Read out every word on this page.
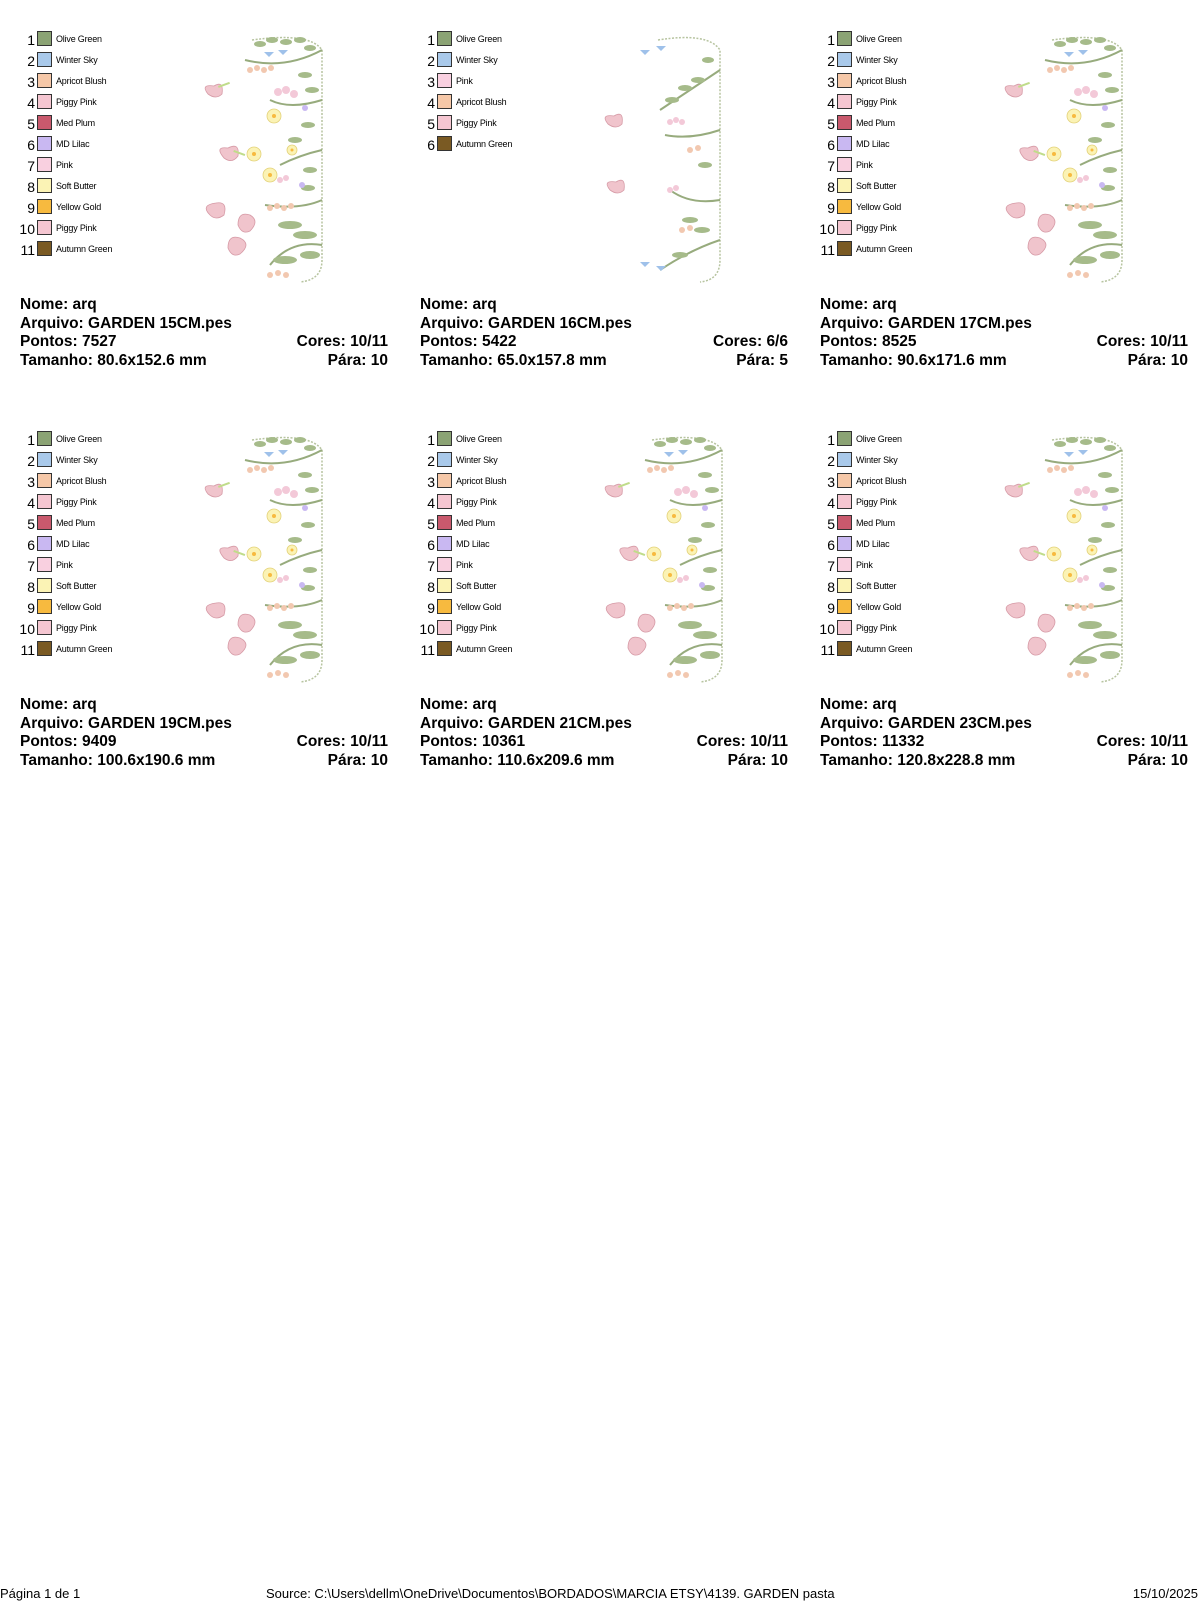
1 Olive Green
2 Winter Sky
3 Apricot Blush
4 Piggy Pink
5 Med Plum
6 MD Lilac
7 Pink
8 Soft Butter
9 Yellow Gold
10 Piggy Pink
11 Autumn Green
Nome: arq
Arquivo: GARDEN 15CM.pes
Pontos: 7527	Cores: 10/11
Tamanho: 80.6x152.6 mm	Pára: 10
1 Olive Green
2 Winter Sky
3 Pink
4 Apricot Blush
5 Piggy Pink
6 Autumn Green
Nome: arq
Arquivo: GARDEN 16CM.pes
Pontos: 5422	Cores: 6/6
Tamanho: 65.0x157.8 mm	Pára: 5
1 Olive Green
2 Winter Sky
3 Apricot Blush
4 Piggy Pink
5 Med Plum
6 MD Lilac
7 Pink
8 Soft Butter
9 Yellow Gold
10 Piggy Pink
11 Autumn Green
Nome: arq
Arquivo: GARDEN 17CM.pes
Pontos: 8525	Cores: 10/11
Tamanho: 90.6x171.6 mm	Pára: 10
1 Olive Green
2 Winter Sky
3 Apricot Blush
4 Piggy Pink
5 Med Plum
6 MD Lilac
7 Pink
8 Soft Butter
9 Yellow Gold
10 Piggy Pink
11 Autumn Green
Nome: arq
Arquivo: GARDEN 19CM.pes
Pontos: 9409	Cores: 10/11
Tamanho: 100.6x190.6 mm	Pára: 10
1 Olive Green
2 Winter Sky
3 Apricot Blush
4 Piggy Pink
5 Med Plum
6 MD Lilac
7 Pink
8 Soft Butter
9 Yellow Gold
10 Piggy Pink
11 Autumn Green
Nome: arq
Arquivo: GARDEN 21CM.pes
Pontos: 10361	Cores: 10/11
Tamanho: 110.6x209.6 mm	Pára: 10
1 Olive Green
2 Winter Sky
3 Apricot Blush
4 Piggy Pink
5 Med Plum
6 MD Lilac
7 Pink
8 Soft Butter
9 Yellow Gold
10 Piggy Pink
11 Autumn Green
Nome: arq
Arquivo: GARDEN 23CM.pes
Pontos: 11332	Cores: 10/11
Tamanho: 120.8x228.8 mm	Pára: 10
Página 1 de 1	Source: C:\Users\dellm\OneDrive\Documentos\BORDADOS\MARCIA ETSY\4139. GARDEN pasta	15/10/2025
